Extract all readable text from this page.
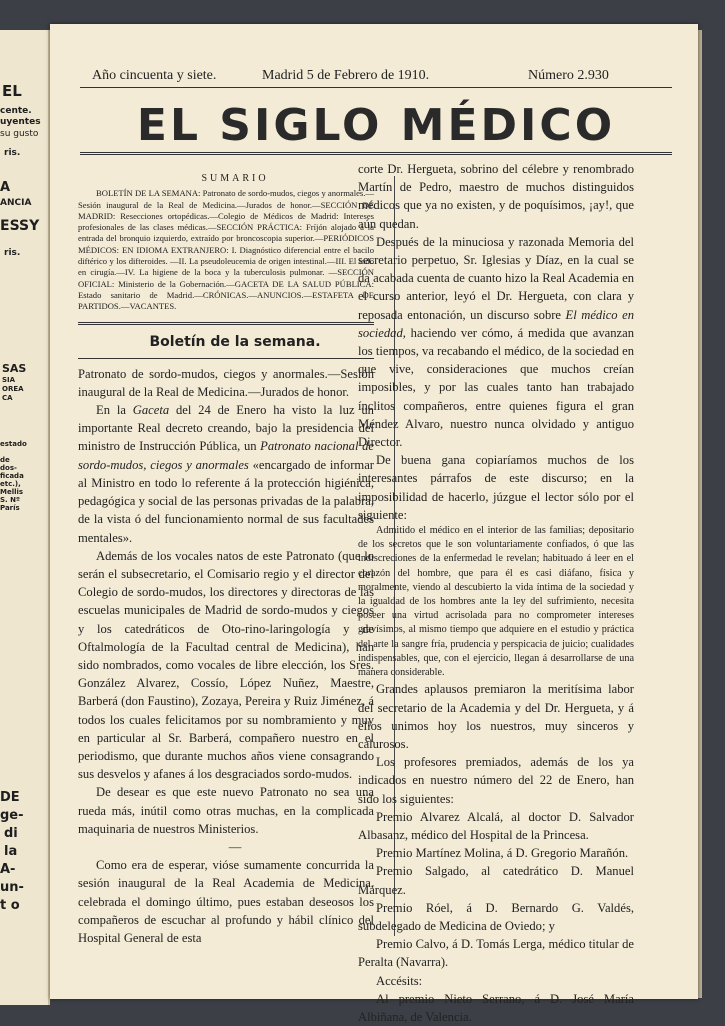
EL
cente.
uyentes
su gusto
ris.
A
ANCIA
ESSY
ris.
SAS
SIA
OREA
CA
estado
de
dos-
ficada
etc.),
Mellis
S. Nº
París
DE
ge-
di
la
A-
un-
t o
Año cincuenta y siete.	Madrid 5 de Febrero de 1910.	Número 2.930
EL SIGLO MÉDICO

SUMARIO

BOLETÍN DE LA SEMANA: Patronato de sordo-mudos, ciegos y anormales.—Sesión inaugural de la Real de Medicina.—Jurados de honor.—SECCIÓN DE MADRID: Resecciones ortopédicas.—Colegio de Médicos de Madrid: Intereses profesionales de las clases médicas.—SECCIÓN PRÁCTICA: Fríjón alojado á la entrada del bronquio izquierdo, extraído por broncoscopia superior.—PERIÓDICOS MÉDICOS: EN IDIOMA EXTRANJERO: I. Diagnóstico diferencial entre el bacilo diftérico y los difteroides. —II. La pseudoleucemia de origen intestinal.—III. El iodo en cirugía.—IV. La higiene de la boca y la tuberculosis pulmonar. —SECCIÓN OFICIAL: Ministerio de la Gobernación.—GACETA DE LA SALUD PÚBLICA: Estado sanitario de Madrid.—CRÓNICAS.—ANUNCIOS.—ESTAFETA DE PARTIDOS.—VACANTES.

Boletín de la semana.

Patronato de sordo-mudos, ciegos y anormales.—Sesión inaugural de la Real de Medicina.—Jurados de honor.

En la Gaceta del 24 de Enero ha visto la luz un importante Real decreto creando, bajo la presidencia del ministro de Instrucción Pública, un Patronato nacional de sordo-mudos, ciegos y anormales «encargado de informar al Ministro en todo lo referente á la protección higiénica, pedagógica y social de las personas privadas de la palabra, de la vista ó del funcionamiento normal de sus facultades mentales».

Además de los vocales natos de este Patronato (que lo serán el subsecretario, el Comisario regio y el director del Colegio de sordo-mudos, los directores y directoras de las escuelas municipales de Madrid de sordo-mudos y ciegos y los catedráticos de Oto-rino-laringología y de Oftalmología de la Facultad central de Medicina), han sido nombrados, como vocales de libre elección, los Sres. González Alvarez, Cossío, López Nuñez, Maestre, Barberá (don Faustino), Zozaya, Pereira y Ruiz Jiménez, á todos los cuales felicitamos por su nombramiento y muy en particular al Sr. Barberá, compañero nuestro en el periodismo, que durante muchos años viene consagrando sus desvelos y afanes á los desgraciados sordo-mudos.

De desear es que este nuevo Patronato no sea una rueda más, inútil como otras muchas, en la complicada maquinaria de nuestros Ministerios.

—

Como era de esperar, vióse sumamente concurrida la sesión inaugural de la Real Academia de Medicina, celebrada el domingo último, pues estaban deseosos los compañeros de escuchar al profundo y hábil clínico del Hospital General de esta

corte Dr. Hergueta, sobrino del célebre y renombrado Martín de Pedro, maestro de muchos distinguidos médicos que ya no existen, y de poquísimos, ¡ay!, que aún quedan.

Después de la minuciosa y razonada Memoria del secretario perpetuo, Sr. Iglesias y Díaz, en la cual se da acabada cuenta de cuanto hizo la Real Academia en el curso anterior, leyó el Dr. Hergueta, con clara y reposada entonación, un discurso sobre El médico en sociedad, haciendo ver cómo, á medida que avanzan los tiempos, va recabando el médico, de la sociedad en que vive, consideraciones que muchos creían imposibles, y por las cuales tanto han trabajado ínclitos compañeros, entre quienes figura el gran Méndez Alvaro, nuestro nunca olvidado y antiguo Director.

De buena gana copiaríamos muchos de los interesantes párrafos de este discurso; en la imposibilidad de hacerlo, júzgue el lector sólo por el siguiente:

Admitido el médico en el interior de las familias; depositario de los secretos que le son voluntariamente confiados, ó que las indiscreciones de la enfermedad le revelan; habituado á leer en el corazón del hombre, que para él es casi diáfano, física y moralmente, viendo al descubierto la vida íntima de la sociedad y la igualdad de los hombres ante la ley del sufrimiento, necesita poseer una virtud acrisolada para no comprometer intereses gravísimos, al mismo tiempo que adquiere en el estudio y práctica del arte la sangre fría, prudencia y perspicacia de juicio; cualidades indispensables, que, con el ejercicio, llegan á desarrollarse de una manera considerable.

Grandes aplausos premiaron la meritísima labor del secretario de la Academia y del Dr. Hergueta, y á ellos unimos hoy los nuestros, muy sinceros y calurosos.

Los profesores premiados, además de los ya indicados en nuestro número del 22 de Enero, han sido los siguientes:

Premio Alvarez Alcalá, al doctor D. Salvador Albasanz, médico del Hospital de la Princesa.

Premio Martínez Molina, á D. Gregorio Marañón.

Premio Salgado, al catedrático D. Manuel Márquez.

Premio Róel, á D. Bernardo G. Valdés, subdelegado de Medicina de Oviedo; y

Premio Calvo, á D. Tomás Lerga, médico titular de Peralta (Navarra).

Accésits:

Al premio Nieto Serrano, á D. José María Albiñana, de Valencia.
